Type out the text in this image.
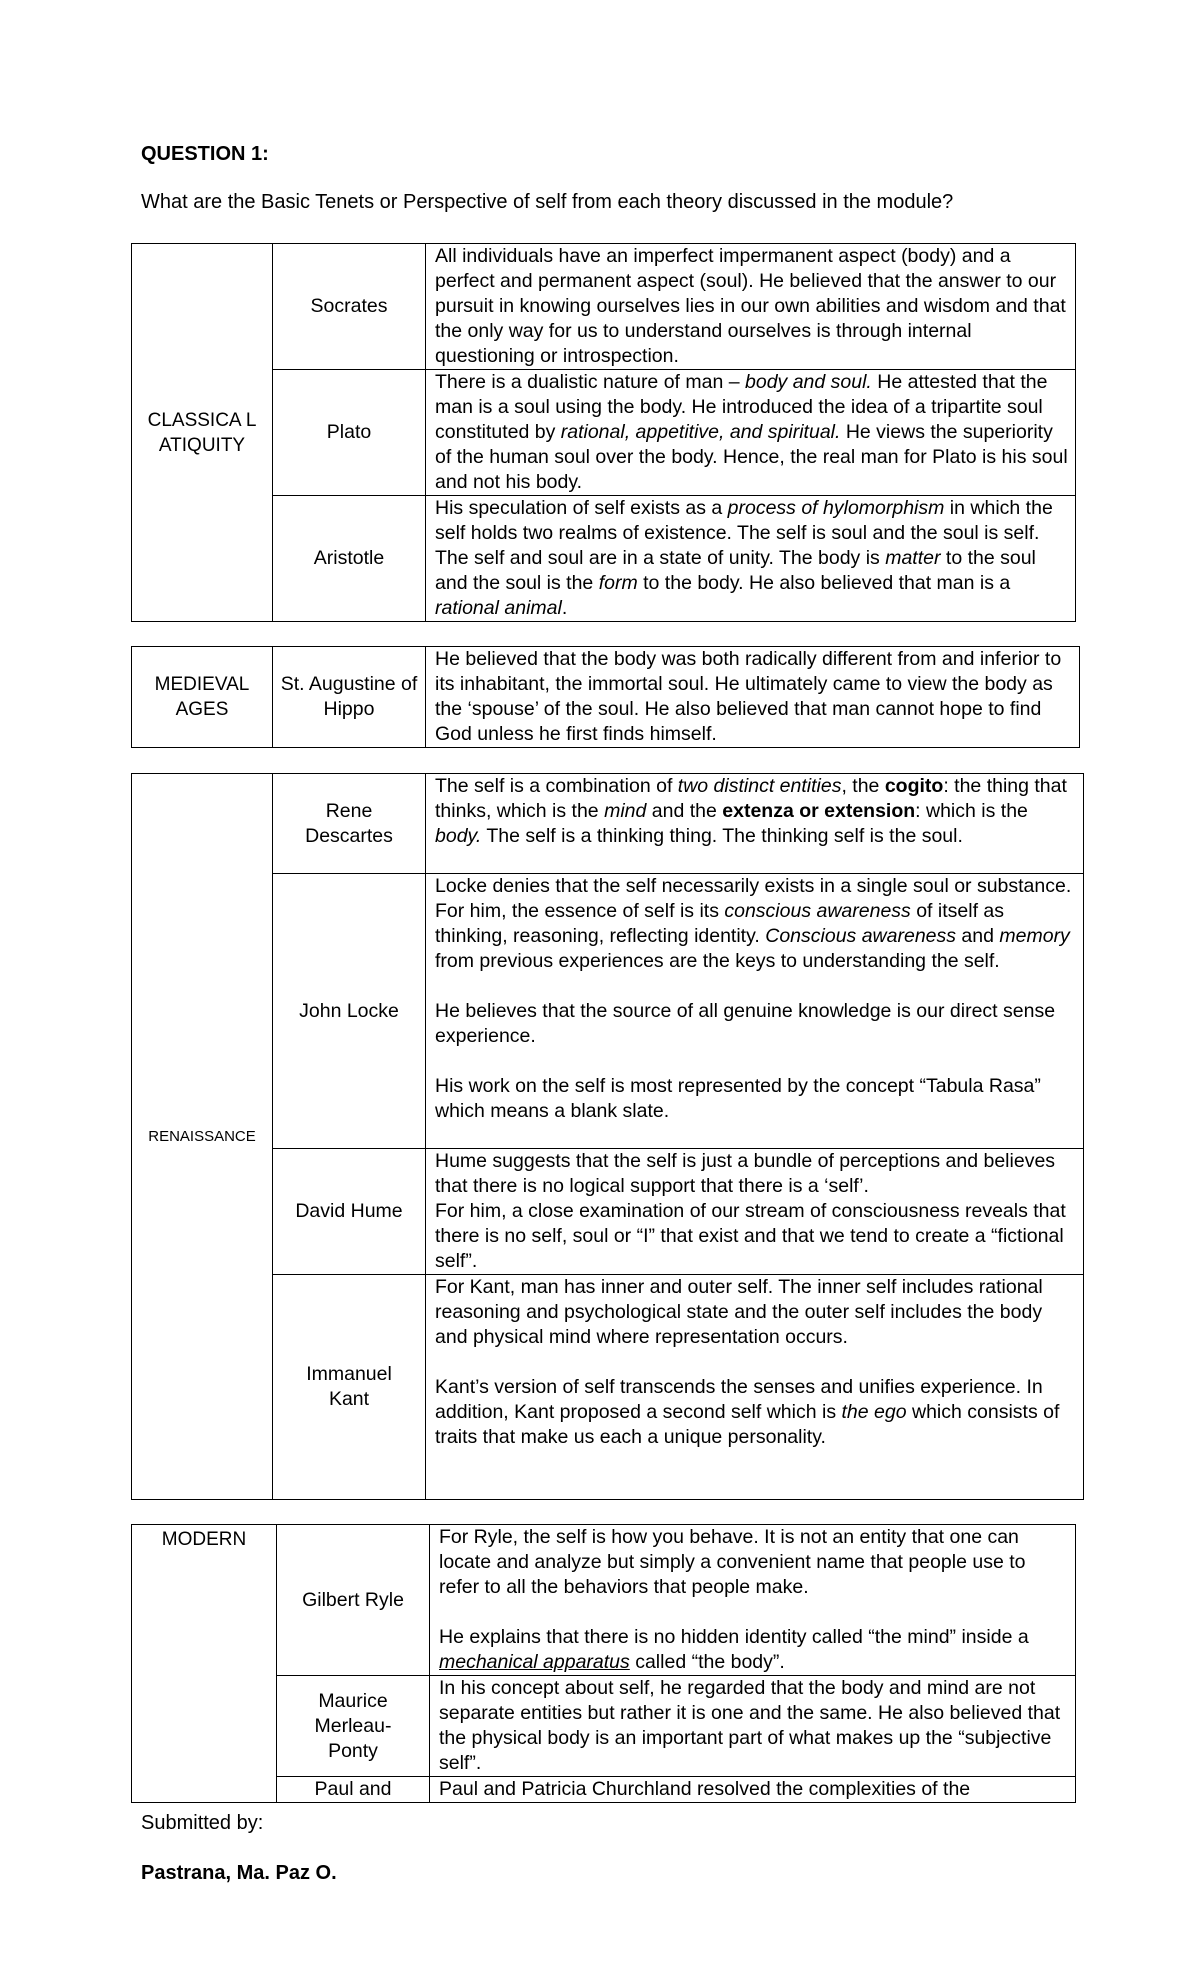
QUESTION 1:
What are the Basic Tenets or Perspective of self from each theory discussed in the module?
CLASSICA L ATIQUITY	Socrates	All individuals have an imperfect impermanent aspect (body) and a perfect and permanent aspect (soul). He believed that the answer to our pursuit in knowing ourselves lies in our own abilities and wisdom and that the only way for us to understand ourselves is through internal questioning or introspection.
	Plato	There is a dualistic nature of man – body and soul. He attested that the man is a soul using the body. He introduced the idea of a tripartite soul constituted by rational, appetitive, and spiritual. He views the superiority of the human soul over the body. Hence, the real man for Plato is his soul and not his body.
	Aristotle	His speculation of self exists as a process of hylomorphism in which the self holds two realms of existence. The self is soul and the soul is self. The self and soul are in a state of unity. The body is matter to the soul and the soul is the form to the body. He also believed that man is a rational animal.
MEDIEVAL AGES	St. Augustine of Hippo	He believed that the body was both radically different from and inferior to its inhabitant, the immortal soul. He ultimately came to view the body as the ‘spouse’ of the soul. He also believed that man cannot hope to find God unless he first finds himself.
RENAISSANCE	Rene Descartes	The self is a combination of two distinct entities, the cogito: the thing that thinks, which is the mind and the extenza or extension: which is the body. The self is a thinking thing. The thinking self is the soul.
	John Locke	Locke denies that the self necessarily exists in a single soul or substance. For him, the essence of self is its conscious awareness of itself as thinking, reasoning, reflecting identity. Conscious awareness and memory from previous experiences are the keys to understanding the self.
He believes that the source of all genuine knowledge is our direct sense experience.
His work on the self is most represented by the concept “Tabula Rasa” which means a blank slate.
	David Hume	Hume suggests that the self is just a bundle of perceptions and believes that there is no logical support that there is a ‘self’.
For him, a close examination of our stream of consciousness reveals that there is no self, soul or “I” that exist and that we tend to create a “fictional self”.
	Immanuel Kant	For Kant, man has inner and outer self. The inner self includes rational reasoning and psychological state and the outer self includes the body and physical mind where representation occurs.
Kant’s version of self transcends the senses and unifies experience. In addition, Kant proposed a second self which is the ego which consists of traits that make us each a unique personality.
MODERN	Gilbert Ryle	For Ryle, the self is how you behave. It is not an entity that one can locate and analyze but simply a convenient name that people use to refer to all the behaviors that people make.
He explains that there is no hidden identity called “the mind” inside a mechanical apparatus called “the body”.
	Maurice Merleau-Ponty	In his concept about self, he regarded that the body and mind are not separate entities but rather it is one and the same. He also believed that the physical body is an important part of what makes up the “subjective self”.
	Paul and	Paul and Patricia Churchland resolved the complexities of the
Submitted by:
Pastrana, Ma. Paz O.
